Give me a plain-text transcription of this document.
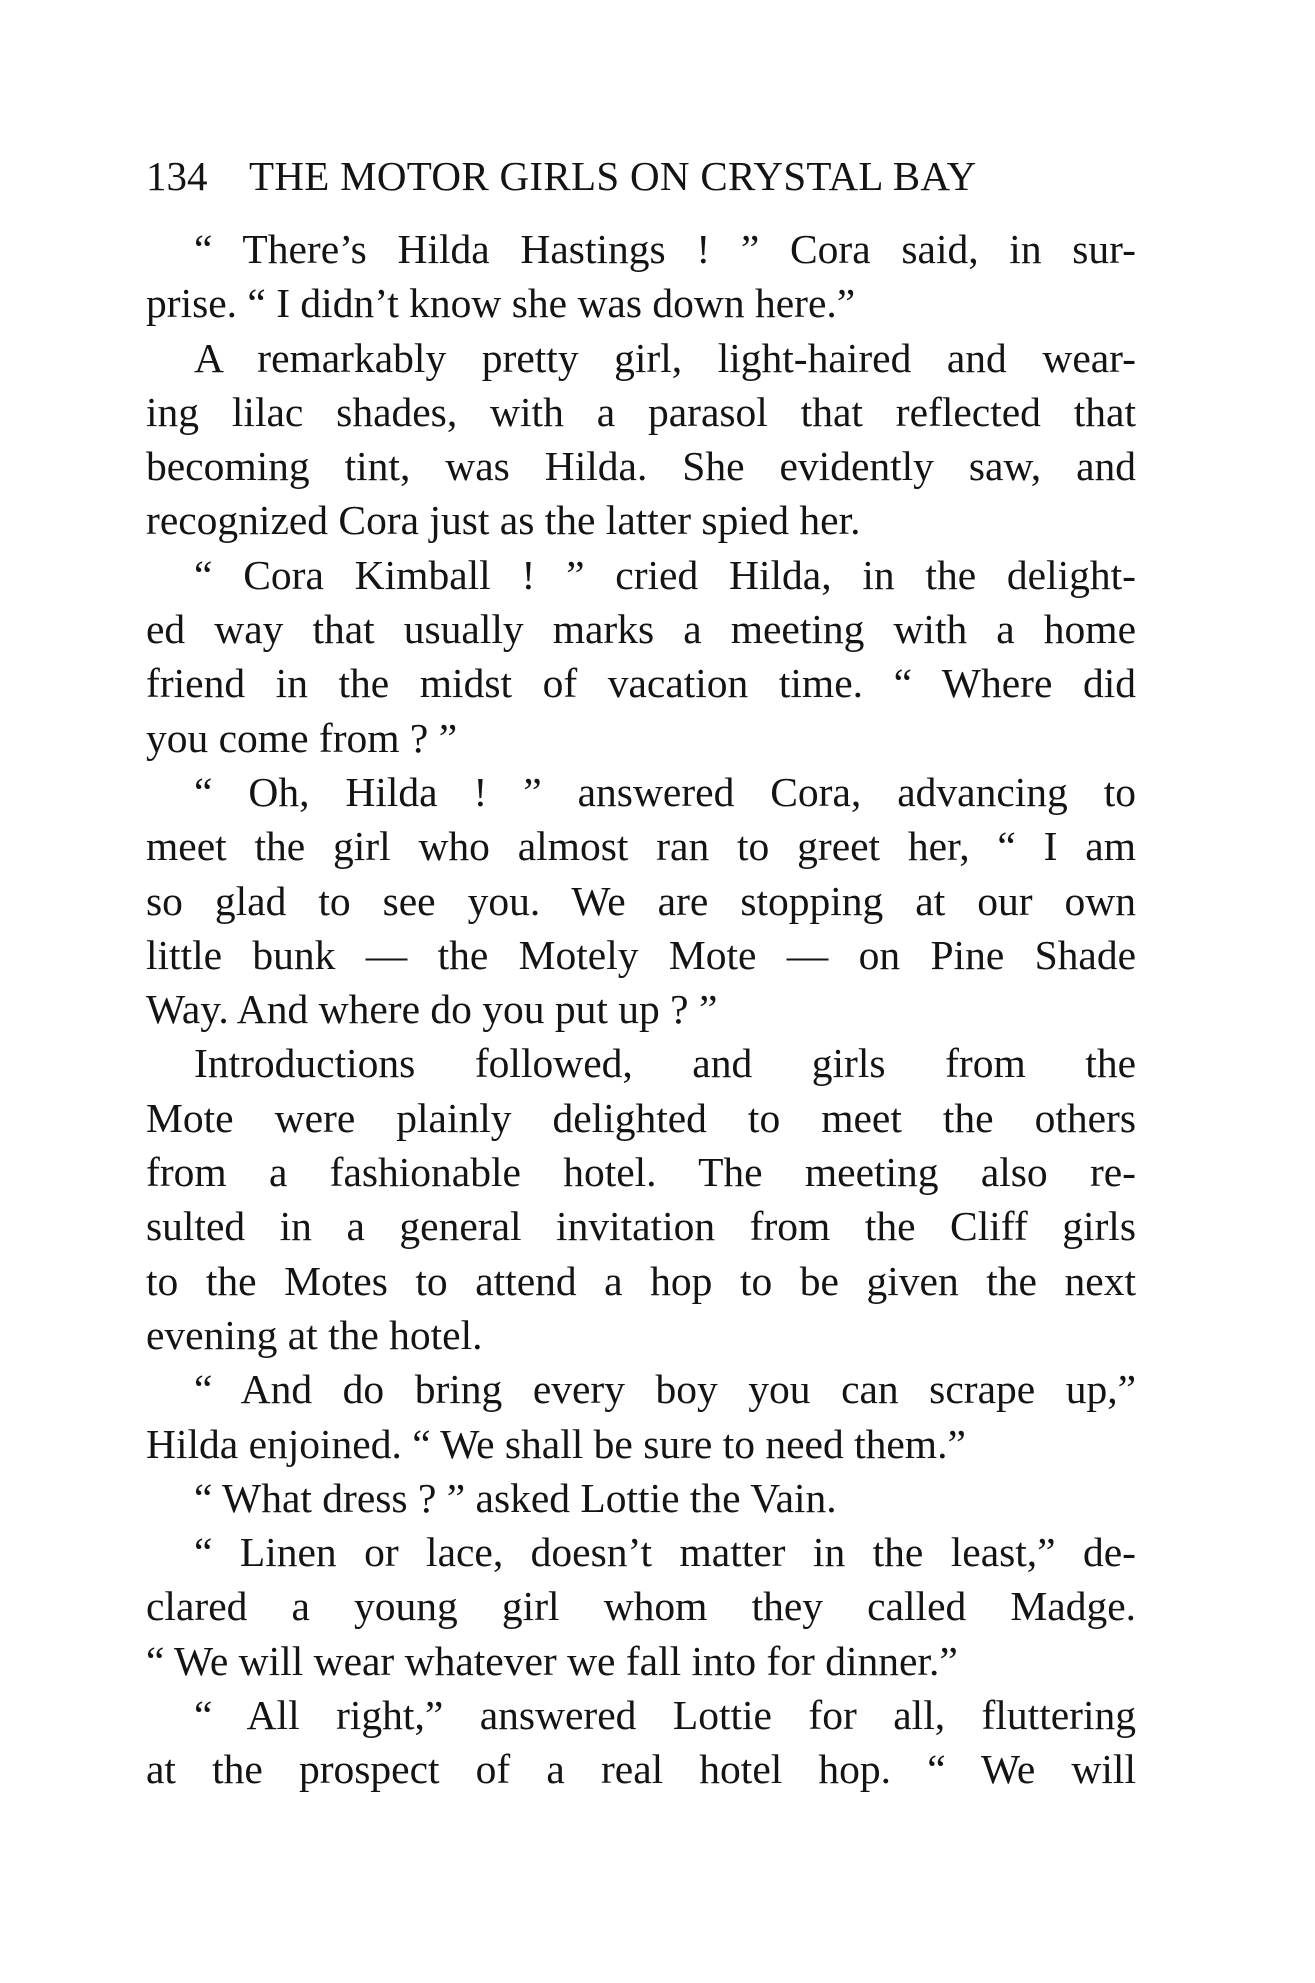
134 THE MOTOR GIRLS ON CRYSTAL BAY
“ There’s Hilda Hastings ! ” Cora said, in sur-
prise. “ I didn’t know she was down here.”
A remarkably pretty girl, light-haired and wear-
ing lilac shades, with a parasol that reflected that
becoming tint, was Hilda. She evidently saw, and
recognized Cora just as the latter spied her.
“ Cora Kimball ! ” cried Hilda, in the delight-
ed way that usually marks a meeting with a home
friend in the midst of vacation time. “ Where did
you come from ? ”
“ Oh, Hilda ! ” answered Cora, advancing to
meet the girl who almost ran to greet her, “ I am
so glad to see you. We are stopping at our own
little bunk — the Motely Mote — on Pine Shade
Way. And where do you put up ? ”
Introductions followed, and girls from the
Mote were plainly delighted to meet the others
from a fashionable hotel. The meeting also re-
sulted in a general invitation from the Cliff girls
to the Motes to attend a hop to be given the next
evening at the hotel.
“ And do bring every boy you can scrape up,”
Hilda enjoined. “ We shall be sure to need them.”
“ What dress ? ” asked Lottie the Vain.
“ Linen or lace, doesn’t matter in the least,” de-
clared a young girl whom they called Madge.
“ We will wear whatever we fall into for dinner.”
“ All right,” answered Lottie for all, fluttering
at the prospect of a real hotel hop. “ We will
